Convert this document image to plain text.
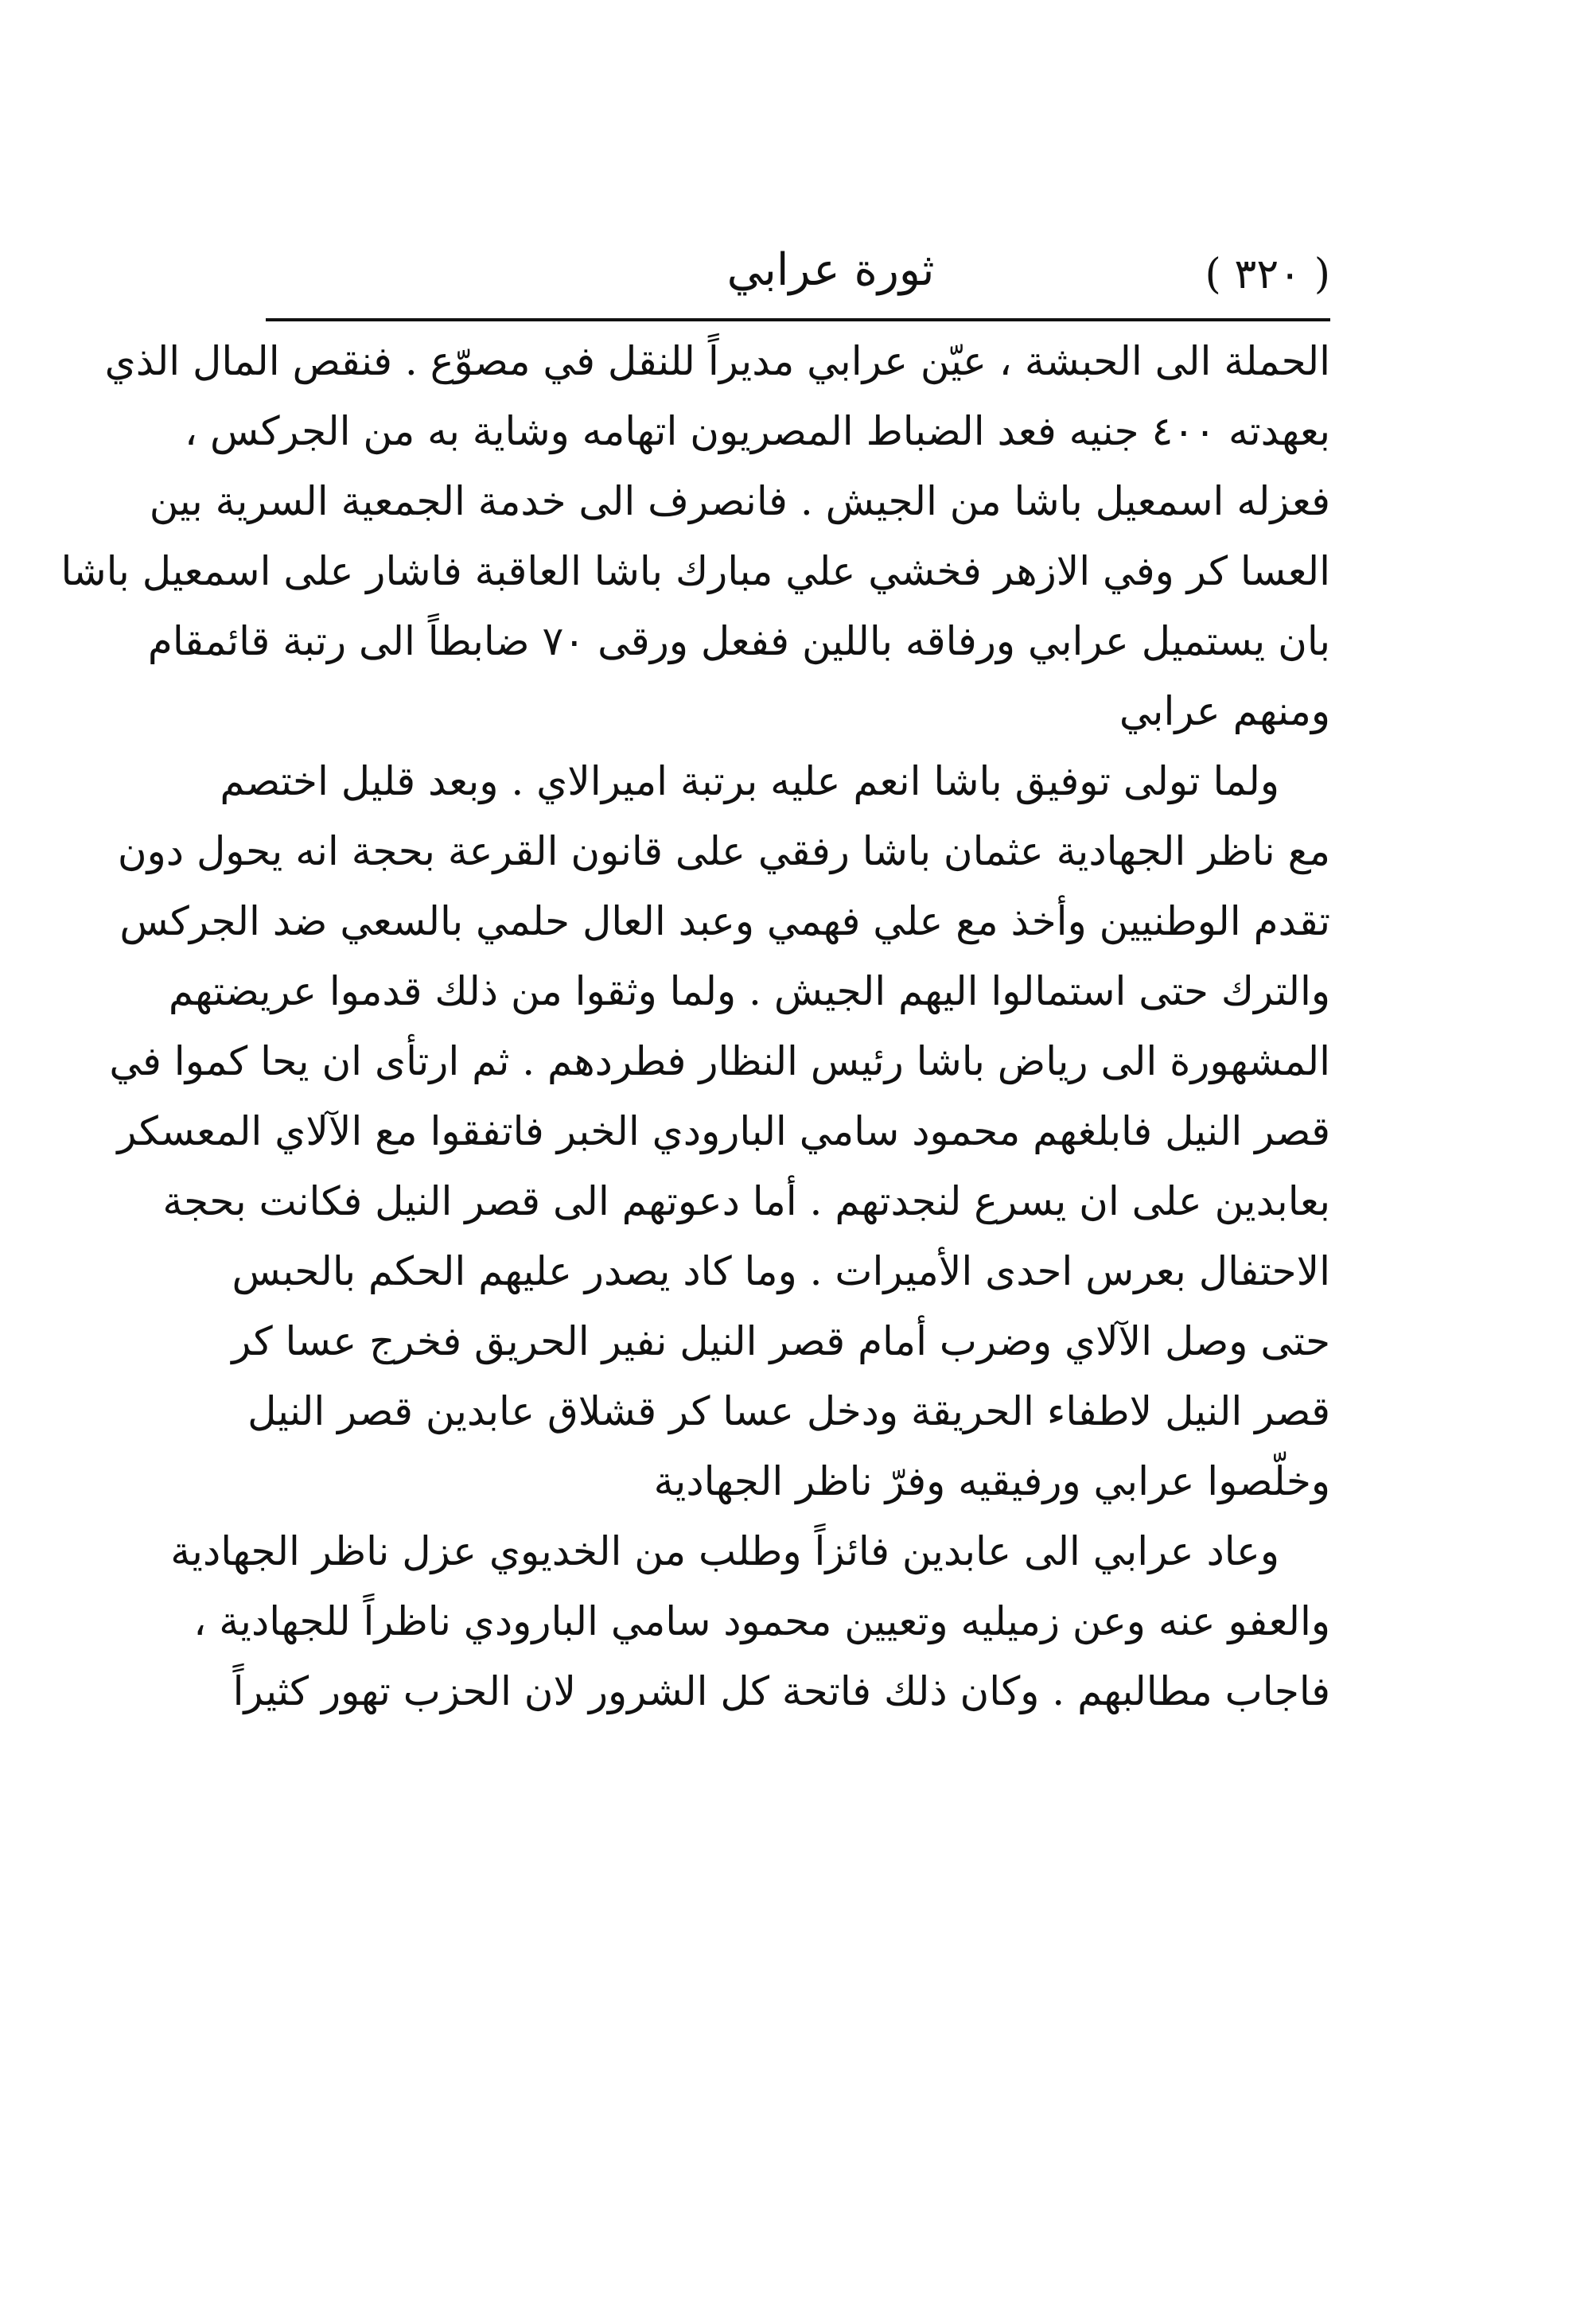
( ٣٢٠ )
ثورة عرابي
الحملة الى الحبشة ، عيّن عرابي مديراً للنقل في مصوّع . فنقص المال الذي
بعهدته ٤٠٠ جنيه فعد الضباط المصريون اتهامه وشاية به من الجركس ،
فعزله اسمعيل باشا من الجيش . فانصرف الى خدمة الجمعية السرية بين
العسا كر وفي الازهر فخشي علي مبارك باشا العاقبة فاشار على اسمعيل باشا
بان يستميل عرابي ورفاقه باللين ففعل ورقى ٧٠ ضابطاً الى رتبة قائمقام
ومنهم عرابي
ولما تولى توفيق باشا انعم عليه برتبة اميرالاي . وبعد قليل اختصم
مع ناظر الجهادية عثمان باشا رفقي على قانون القرعة بحجة انه يحول دون
تقدم الوطنيين وأخذ مع علي فهمي وعبد العال حلمي بالسعي ضد الجركس
والترك حتى استمالوا اليهم الجيش . ولما وثقوا من ذلك قدموا عريضتهم
المشهورة الى رياض باشا رئيس النظار فطردهم . ثم ارتأى ان يحا كموا في
قصر النيل فابلغهم محمود سامي البارودي الخبر فاتفقوا مع الآلاي المعسكر
بعابدين على ان يسرع لنجدتهم . أما دعوتهم الى قصر النيل فكانت بحجة
الاحتفال بعرس احدى الأميرات . وما كاد يصدر عليهم الحكم بالحبس
حتى وصل الآلاي وضرب أمام قصر النيل نفير الحريق فخرج عسا كر
قصر النيل لاطفاء الحريقة ودخل عسا كر قشلاق عابدين قصر النيل
وخلّصوا عرابي ورفيقيه وفرّ ناظر الجهادية
وعاد عرابي الى عابدين فائزاً وطلب من الخديوي عزل ناظر الجهادية
والعفو عنه وعن زميليه وتعيين محمود سامي البارودي ناظراً للجهادية ،
فاجاب مطالبهم . وكان ذلك فاتحة كل الشرور لان الحزب تهور كثيراً
